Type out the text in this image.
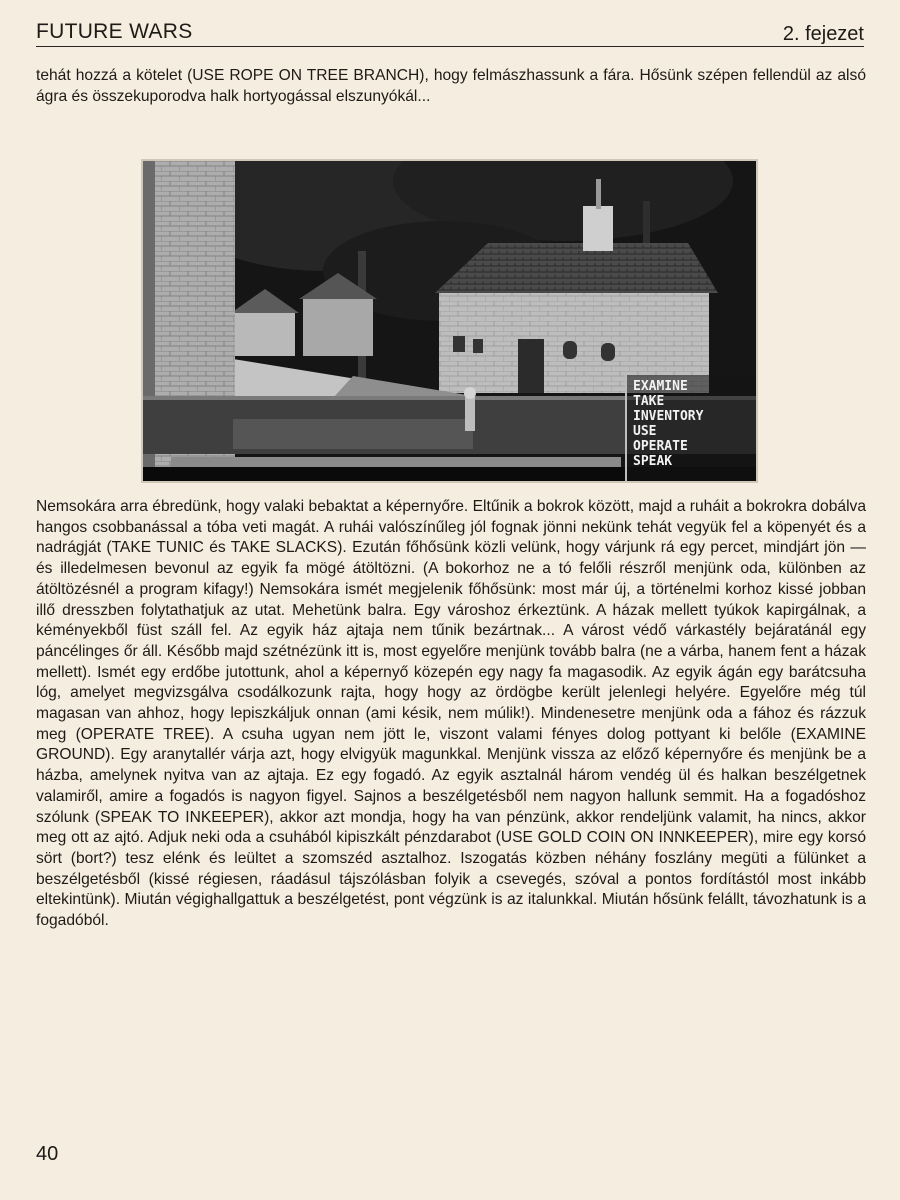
FUTURE WARS	2. fejezet

tehát hozzá a kötelet (USE ROPE ON TREE BRANCH), hogy felmászhassunk a fára. Hősünk szépen fellendül az alsó ágra és összekuporodva halk hortyogással elszunyókál...

EXAMINE
TAKE
INVENTORY
USE
OPERATE
SPEAK

Nemsokára arra ébredünk, hogy valaki bebaktat a képernyőre. Eltűnik a bokrok között, majd a ruháit a bokrokra dobálva hangos csobbanással a tóba veti magát. A ruhái valószínűleg jól fognak jönni nekünk tehát vegyük fel a köpenyét és a nadrágját (TAKE TUNIC és TAKE SLACKS). Ezután főhősünk közli velünk, hogy várjunk rá egy percet, mindjárt jön — és illedelmesen bevonul az egyik fa mögé átöltözni. (A bokorhoz ne a tó felőli részről menjünk oda, különben az átöltözésnél a program kifagy!) Nemsokára ismét megjelenik főhősünk: most már új, a történelmi korhoz kissé jobban illő dresszben folytathatjuk az utat. Mehetünk balra. Egy városhoz érkeztünk. A házak mellett tyúkok kapirgálnak, a kéményekből füst száll fel. Az egyik ház ajtaja nem tűnik bezártnak... A várost védő várkastély bejáratánál egy páncélinges őr áll. Később majd szétnézünk itt is, most egyelőre menjünk tovább balra (ne a várba, hanem fent a házak mellett). Ismét egy erdőbe jutottunk, ahol a képernyő közepén egy nagy fa magasodik. Az egyik ágán egy barátcsuha lóg, amelyet megvizsgálva csodálkozunk rajta, hogy hogy az ördögbe került jelenlegi helyére. Egyelőre még túl magasan van ahhoz, hogy lepiszkáljuk onnan (ami késik, nem múlik!). Mindenesetre menjünk oda a fához és rázzuk meg (OPERATE TREE). A csuha ugyan nem jött le, viszont valami fényes dolog pottyant ki belőle (EXAMINE GROUND). Egy aranytallér várja azt, hogy elvigyük magunkkal. Menjünk vissza az előző képernyőre és menjünk be a házba, amelynek nyitva van az ajtaja. Ez egy fogadó. Az egyik asztalnál három vendég ül és halkan beszélgetnek valamiről, amire a fogadós is nagyon figyel. Sajnos a beszélgetésből nem nagyon hallunk semmit. Ha a fogadóshoz szólunk (SPEAK TO INKEEPER), akkor azt mondja, hogy ha van pénzünk, akkor rendeljünk valamit, ha nincs, akkor meg ott az ajtó. Adjuk neki oda a csuhából kipiszkált pénzdarabot (USE GOLD COIN ON INNKEEPER), mire egy korsó sört (bort?) tesz elénk és leültet a szomszéd asztalhoz. Iszogatás közben néhány foszlány megüti a fülünket a beszélgetésből (kissé régiesen, ráadásul tájszólásban folyik a csevegés, szóval a pontos fordítástól most inkább eltekintünk). Miután végighallgattuk a beszélgetést, pont végzünk is az italunkkal. Miután hősünk felállt, távozhatunk is a fogadóból.

40
